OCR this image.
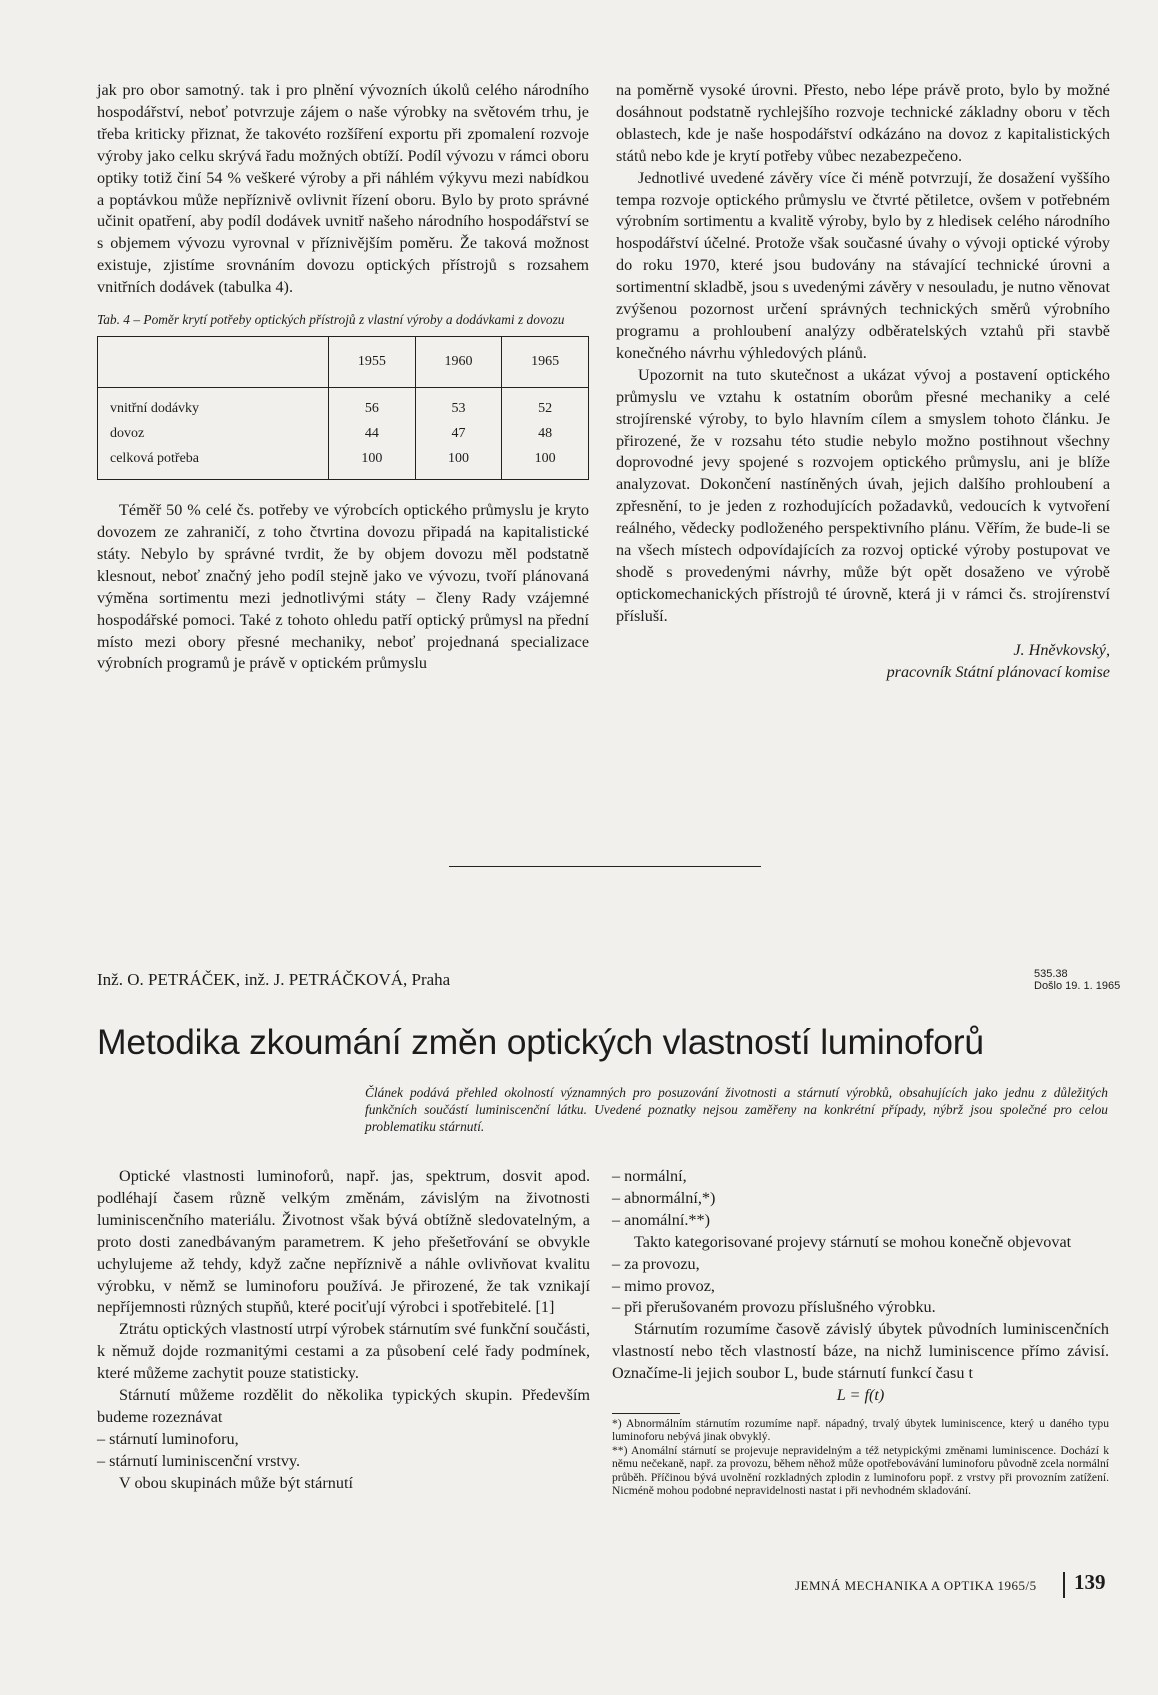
jak pro obor samotný. tak i pro plnění vývozních úkolů celého národního hospodářství, neboť potvrzuje zájem o naše výrobky na světovém trhu, je třeba kriticky přiznat, že takovéto rozšíření exportu při zpomalení rozvoje výroby jako celku skrývá řadu možných obtíží. Podíl vývozu v rámci oboru optiky totiž činí 54 % veškeré výroby a při náhlém výkyvu mezi nabídkou a poptávkou může nepříznivě ovlivnit řízení oboru. Bylo by proto správné učinit opatření, aby podíl dodávek uvnitř našeho národního hospodářství se s objemem vývozu vyrovnal v příznivějším poměru. Že taková možnost existuje, zjistíme srovnáním dovozu optických přístrojů s rozsahem vnitřních dodávek (tabulka 4).

Tab. 4 – Poměr krytí potřeby optických přístrojů z vlastní výroby a dodávkami z dovozu

	1955	1960	1965
vnitřní dodávky	56	53	52
dovoz	44	47	48
celková potřeba	100	100	100

Téměř 50 % celé čs. potřeby ve výrobcích optického průmyslu je kryto dovozem ze zahraničí, z toho čtvrtina dovozu připadá na kapitalistické státy. Nebylo by správné tvrdit, že by objem dovozu měl podstatně klesnout, neboť značný jeho podíl stejně jako ve vývozu, tvoří plánovaná výměna sortimentu mezi jednotlivými státy – členy Rady vzájemné hospodářské pomoci. Také z tohoto ohledu patří optický průmysl na přední místo mezi obory přesné mechaniky, neboť projednaná specializace výrobních programů je právě v optickém průmyslu

na poměrně vysoké úrovni. Přesto, nebo lépe právě proto, bylo by možné dosáhnout podstatně rychlejšího rozvoje technické základny oboru v těch oblastech, kde je naše hospodářství odkázáno na dovoz z kapitalistických států nebo kde je krytí potřeby vůbec nezabezpečeno.

Jednotlivé uvedené závěry více či méně potvrzují, že dosažení vyššího tempa rozvoje optického průmyslu ve čtvrté pětiletce, ovšem v potřebném výrobním sortimentu a kvalitě výroby, bylo by z hledisek celého národního hospodářství účelné. Protože však současné úvahy o vývoji optické výroby do roku 1970, které jsou budovány na stávající technické úrovni a sortimentní skladbě, jsou s uvedenými závěry v nesouladu, je nutno věnovat zvýšenou pozornost určení správných technických směrů výrobního programu a prohloubení analýzy odběratelských vztahů při stavbě konečného návrhu výhledových plánů.

Upozornit na tuto skutečnost a ukázat vývoj a postavení optického průmyslu ve vztahu k ostatním oborům přesné mechaniky a celé strojírenské výroby, to bylo hlavním cílem a smyslem tohoto článku. Je přirozené, že v rozsahu této studie nebylo možno postihnout všechny doprovodné jevy spojené s rozvojem optického průmyslu, ani je blíže analyzovat. Dokončení nastíněných úvah, jejich dalšího prohloubení a zpřesnění, to je jeden z rozhodujících požadavků, vedoucích k vytvoření reálného, vědecky podloženého perspektivního plánu. Věřím, že bude-li se na všech místech odpovídajících za rozvoj optické výroby postupovat ve shodě s provedenými návrhy, může být opět dosaženo ve výrobě optickomechanických přístrojů té úrovně, která ji v rámci čs. strojírenství přísluší.

J. Hněvkovský,

pracovník Státní plánovací komise

Inž. O. PETRÁČEK, inž. J. PETRÁČKOVÁ, Praha	535.38
Došlo 19. 1. 1965
Metodika zkoumání změn optických vlastností luminoforů

Článek podává přehled okolností významných pro posuzování životnosti a stárnutí výrobků, obsahujících jako jednu z důležitých funkčních součástí luminiscenční látku. Uvedené poznatky nejsou zaměřeny na konkrétní případy, nýbrž jsou společné pro celou problematiku stárnutí.

Optické vlastnosti luminoforů, např. jas, spektrum, dosvit apod. podléhají časem různě velkým změnám, závislým na životnosti luminiscenčního materiálu. Životnost však bývá obtížně sledovatelným, a proto dosti zanedbávaným parametrem. K jeho přešetřování se obvykle uchylujeme až tehdy, když začne nepříznivě a náhle ovlivňovat kvalitu výrobku, v němž se luminoforu používá. Je přirozené, že tak vznikají nepříjemnosti různých stupňů, které pociťují výrobci i spotřebitelé. [1]

Ztrátu optických vlastností utrpí výrobek stárnutím své funkční součásti, k němuž dojde rozmanitými cestami a za působení celé řady podmínek, které můžeme zachytit pouze statisticky.

Stárnutí můžeme rozdělit do několika typických skupin. Především budeme rozeznávat

– stárnutí luminoforu,
– stárnutí luminiscenční vrstvy.

V obou skupinách může být stárnutí

– normální,
– abnormální,*)
– anomální.**)

Takto kategorisované projevy stárnutí se mohou konečně objevovat

– za provozu,
– mimo provoz,
– při přerušovaném provozu příslušného výrobku.

Stárnutím rozumíme časově závislý úbytek původních luminiscenčních vlastností nebo těch vlastností báze, na nichž luminiscence přímo závisí. Označíme-li jejich soubor L, bude stárnutí funkcí času t

L = f(t)

*) Abnormálním stárnutím rozumíme např. nápadný, trvalý úbytek luminiscence, který u daného typu luminoforu nebývá jinak obvyklý.

**) Anomální stárnutí se projevuje nepravidelným a též netypickými změnami luminiscence. Dochází k němu nečekaně, např. za provozu, během něhož může opotřebovávání luminoforu původně zcela normální průběh. Příčinou bývá uvolnění rozkladných zplodin z luminoforu popř. z vrstvy při provozním zatížení. Nicméně mohou podobné nepravidelnosti nastat i při nevhodném skladování.

JEMNÁ MECHANIKA A OPTIKA 1965/5 139
